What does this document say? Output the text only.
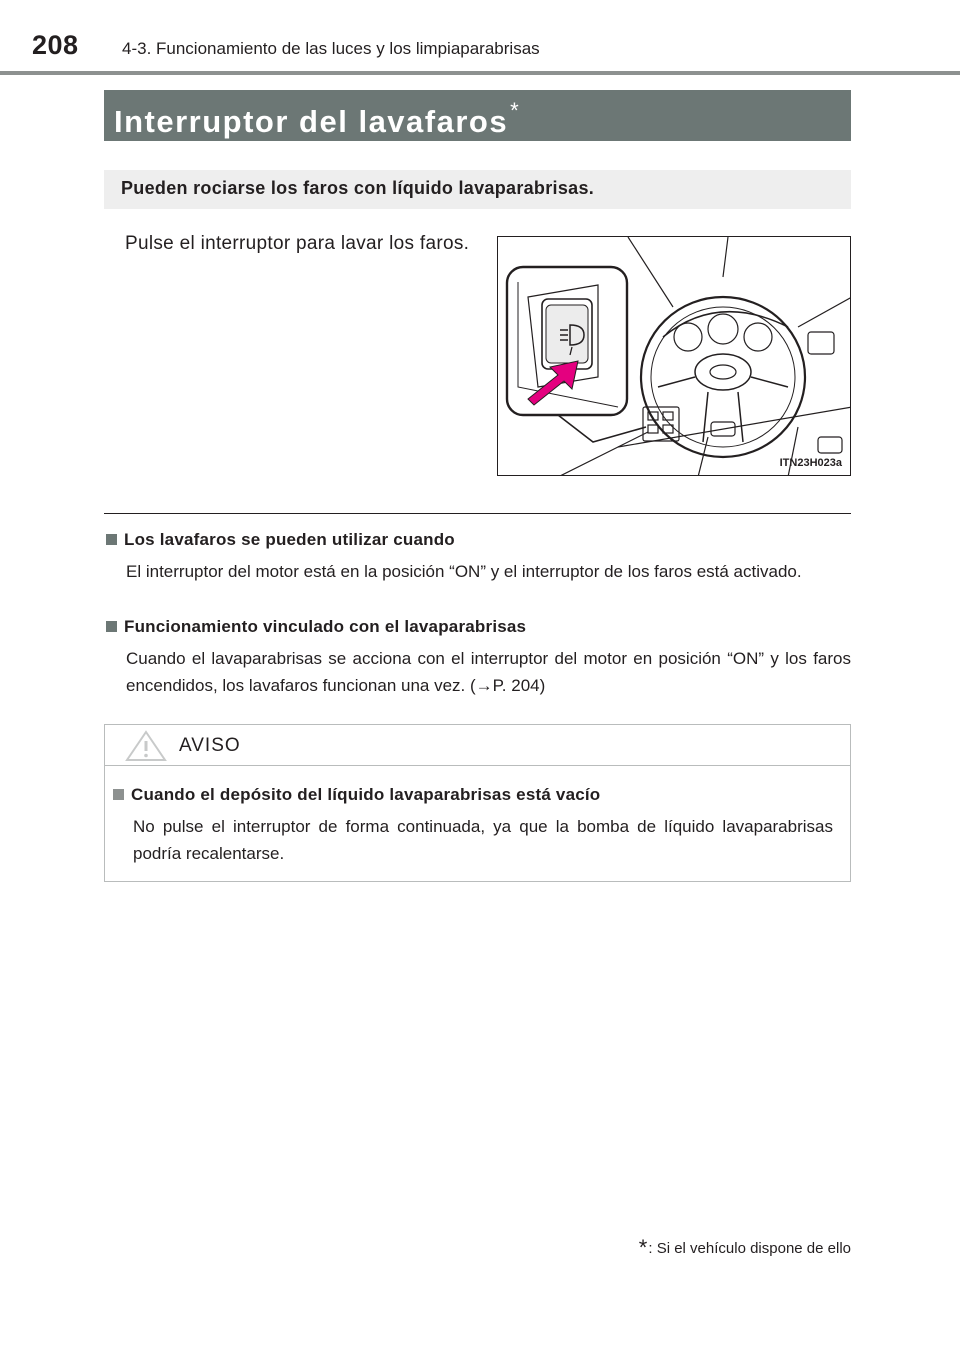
208	4-3. Funcionamiento de las luces y los limpiaparabrisas
Interruptor del lavafaros*
Pueden rociarse los faros con líquido lavaparabrisas.
Pulse el interruptor para lavar los faros.
ITN23H023a
Los lavafaros se pueden utilizar cuando
El interruptor del motor está en la posición “ON” y el interruptor de los faros está activado.
Funcionamiento vinculado con el lavaparabrisas
Cuando el lavaparabrisas se acciona con el interruptor del motor en posición “ON” y los faros encendidos, los lavafaros funcionan una vez. (→P. 204)
AVISO
Cuando el depósito del líquido lavaparabrisas está vacío
No pulse el interruptor de forma continuada, ya que la bomba de líquido lavaparabrisas podría recalentarse.
*: Si el vehículo dispone de ello
